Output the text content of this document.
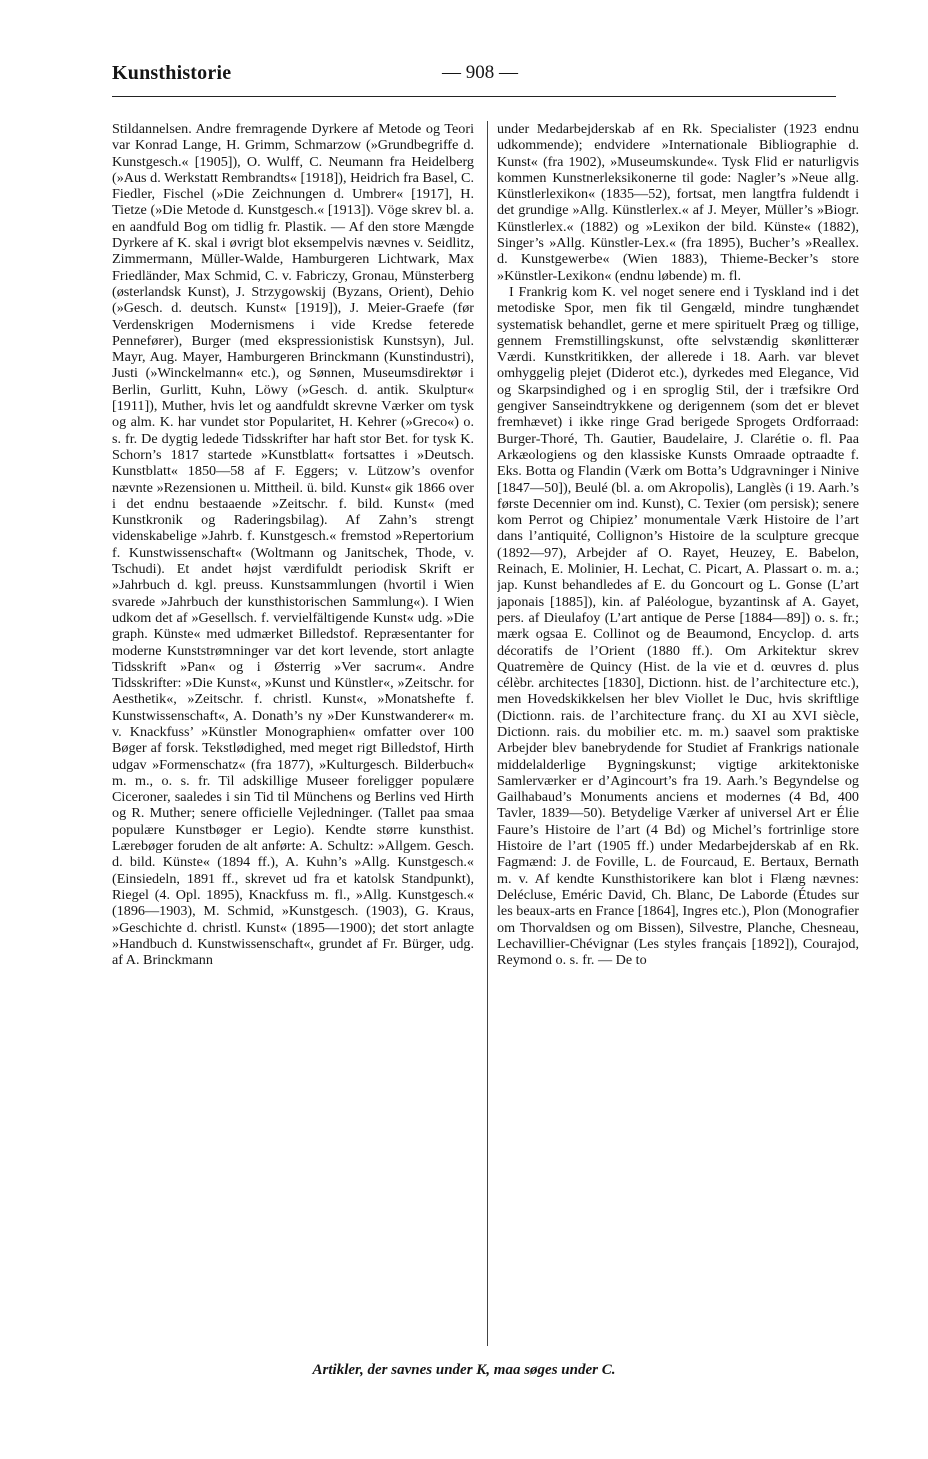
Kunsthistorie	— 908 —

Stildannelsen. Andre fremragende Dyrkere af Metode og Teori var Konrad Lange, H. Grimm, Schmarzow (»Grundbegriffe d. Kunstgesch.« [1905]), O. Wulff, C. Neumann fra Heidelberg (»Aus d. Werkstatt Rembrandts« [1918]), Heidrich fra Basel, C. Fiedler, Fischel (»Die Zeichnungen d. Umbrer« [1917], H. Tietze (»Die Metode d. Kunstgesch.« [1913]). Vöge skrev bl. a. en aandfuld Bog om tidlig fr. Plastik. — Af den store Mængde Dyrkere af K. skal i øvrigt blot eksempelvis nævnes v. Seidlitz, Zimmermann, Müller-Walde, Hamburgeren Lichtwark, Max Friedländer, Max Schmid, C. v. Fabriczy, Gronau, Münsterberg (østerlandsk Kunst), J. Strzygowskij (Byzans, Orient), Dehio (»Gesch. d. deutsch. Kunst« [1919]), J. Meier-Graefe (før Verdenskrigen Modernismens i vide Kredse feterede Pennefører), Burger (med ekspressionistisk Kunstsyn), Jul. Mayr, Aug. Mayer, Hamburgeren Brinckmann (Kunstindustri), Justi (»Winckelmann« etc.), og Sønnen, Museumsdirektør i Berlin, Gurlitt, Kuhn, Löwy (»Gesch. d. antik. Skulptur« [1911]), Muther, hvis let og aandfuldt skrevne Værker om tysk og alm. K. har vundet stor Popularitet, H. Kehrer (»Greco«) o. s. fr. De dygtig ledede Tidsskrifter har haft stor Bet. for tysk K. Schorn’s 1817 startede »Kunstblatt« fortsattes i »Deutsch. Kunstblatt« 1850—58 af F. Eggers; v. Lützow’s ovenfor nævnte »Rezensionen u. Mittheil. ü. bild. Kunst« gik 1866 over i det endnu bestaaende »Zeitschr. f. bild. Kunst« (med Kunstkronik og Raderingsbilag). Af Zahn’s strengt videnskabelige »Jahrb. f. Kunstgesch.« fremstod »Repertorium f. Kunstwissenschaft« (Woltmann og Janitschek, Thode, v. Tschudi). Et andet højst værdifuldt periodisk Skrift er »Jahrbuch d. kgl. preuss. Kunstsammlungen (hvortil i Wien svarede »Jahrbuch der kunsthistorischen Sammlung«). I Wien udkom det af »Gesellsch. f. vervielfältigende Kunst« udg. »Die graph. Künste« med udmærket Billedstof. Repræsentanter for moderne Kunststrømninger var det kort levende, stort anlagte Tidsskrift »Pan« og i Østerrig »Ver sacrum«. Andre Tidsskrifter: »Die Kunst«, »Kunst und Künstler«, »Zeitschr. for Aesthetik«, »Zeitschr. f. christl. Kunst«, »Monatshefte f. Kunstwissenschaft«, A. Donath’s ny »Der Kunstwanderer« m. v. Knackfuss’ »Künstler Monographien« omfatter over 100 Bøger af forsk. Tekstlødighed, med meget rigt Billedstof, Hirth udgav »Formenschatz« (fra 1877), »Kulturgesch. Bilderbuch« m. m., o. s. fr. Til adskillige Museer foreligger populære Ciceroner, saaledes i sin Tid til Münchens og Berlins ved Hirth og R. Muther; senere officielle Vejledninger. (Tallet paa smaa populære Kunstbøger er Legio). Kendte større kunsthist. Lærebøger foruden de alt anførte: A. Schultz: »Allgem. Gesch. d. bild. Künste« (1894 ff.), A. Kuhn’s »Allg. Kunstgesch.« (Einsiedeln, 1891 ff., skrevet ud fra et katolsk Standpunkt), Riegel (4. Opl. 1895), Knackfuss m. fl., »Allg. Kunstgesch.« (1896—1903), M. Schmid, »Kunstgesch. (1903), G. Kraus, »Geschichte d. christl. Kunst« (1895—1900); det stort anlagte »Handbuch d. Kunstwissenschaft«, grundet af Fr. Bürger, udg. af A. Brinckmann

under Medarbejderskab af en Rk. Specialister (1923 endnu udkommende); endvidere »Internationale Bibliographie d. Kunst« (fra 1902), »Museumskunde«. Tysk Flid er naturligvis kommen Kunstnerleksikonerne til gode: Nagler’s »Neue allg. Künstlerlexikon« (1835—52), fortsat, men langtfra fuldendt i det grundige »Allg. Künstlerlex.« af J. Meyer, Müller’s »Biogr. Künstlerlex.« (1882) og »Lexikon der bild. Künste« (1882), Singer’s »Allg. Künstler-Lex.« (fra 1895), Bucher’s »Reallex. d. Kunstgewerbe« (Wien 1883), Thieme-Becker’s store »Künstler-Lexikon« (endnu løbende) m. fl.

I Frankrig kom K. vel noget senere end i Tyskland ind i det metodiske Spor, men fik til Gengæld, mindre tunghændet systematisk behandlet, gerne et mere spirituelt Præg og tillige, gennem Fremstillingskunst, ofte selvstændig skønlitterær Værdi. Kunstkritikken, der allerede i 18. Aarh. var blevet omhyggelig plejet (Diderot etc.), dyrkedes med Elegance, Vid og Skarpsindighed og i en sproglig Stil, der i træfsikre Ord gengiver Sanseindtrykkene og derigennem (som det er blevet fremhævet) i ikke ringe Grad berigede Sprogets Ordforraad: Burger-Thoré, Th. Gautier, Baudelaire, J. Clarétie o. fl. Paa Arkæologiens og den klassiske Kunsts Omraade optraadte f. Eks. Botta og Flandin (Værk om Botta’s Udgravninger i Ninive [1847—50]), Beulé (bl. a. om Akropolis), Langlès (i 19. Aarh.’s første Decennier om ind. Kunst), C. Texier (om persisk); senere kom Perrot og Chipiez’ monumentale Værk Histoire de l’art dans l’antiquité, Collignon’s Histoire de la sculpture grecque (1892—97), Arbejder af O. Rayet, Heuzey, E. Babelon, Reinach, E. Molinier, H. Lechat, C. Picart, A. Plassart o. m. a.; jap. Kunst behandledes af E. du Goncourt og L. Gonse (L’art japonais [1885]), kin. af Paléologue, byzantinsk af A. Gayet, pers. af Dieulafoy (L’art antique de Perse [1884—89]) o. s. fr.; mærk ogsaa E. Collinot og de Beaumond, Encyclop. d. arts décoratifs de l’Orient (1880 ff.). Om Arkitektur skrev Quatremère de Quincy (Hist. de la vie et d. œuvres d. plus célèbr. architectes [1830], Dictionn. hist. de l’architecture etc.), men Hovedskikkelsen her blev Viollet le Duc, hvis skriftlige (Dictionn. rais. de l’architecture franç. du XI au XVI siècle, Dictionn. rais. du mobilier etc. m. m.) saavel som praktiske Arbejder blev banebrydende for Studiet af Frankrigs nationale middelalderlige Bygningskunst; vigtige arkitektoniske Samlerværker er d’Agincourt’s fra 19. Aarh.’s Begyndelse og Gailhabaud’s Monuments anciens et modernes (4 Bd, 400 Tavler, 1839—50). Betydelige Værker af universel Art er Élie Faure’s Histoire de l’art (4 Bd) og Michel’s fortrinlige store Histoire de l’art (1905 ff.) under Medarbejderskab af en Rk. Fagmænd: J. de Foville, L. de Fourcaud, E. Bertaux, Bernath m. v. Af kendte Kunsthistorikere kan blot i Flæng nævnes: Delécluse, Eméric David, Ch. Blanc, De Laborde (Études sur les beaux-arts en France [1864], Ingres etc.), Plon (Monografier om Thorvaldsen og om Bissen), Silvestre, Planche, Chesneau, Lechavillier-Chévignar (Les styles français [1892]), Courajod, Reymond o. s. fr. — De to

Artikler, der savnes under K, maa søges under C.
